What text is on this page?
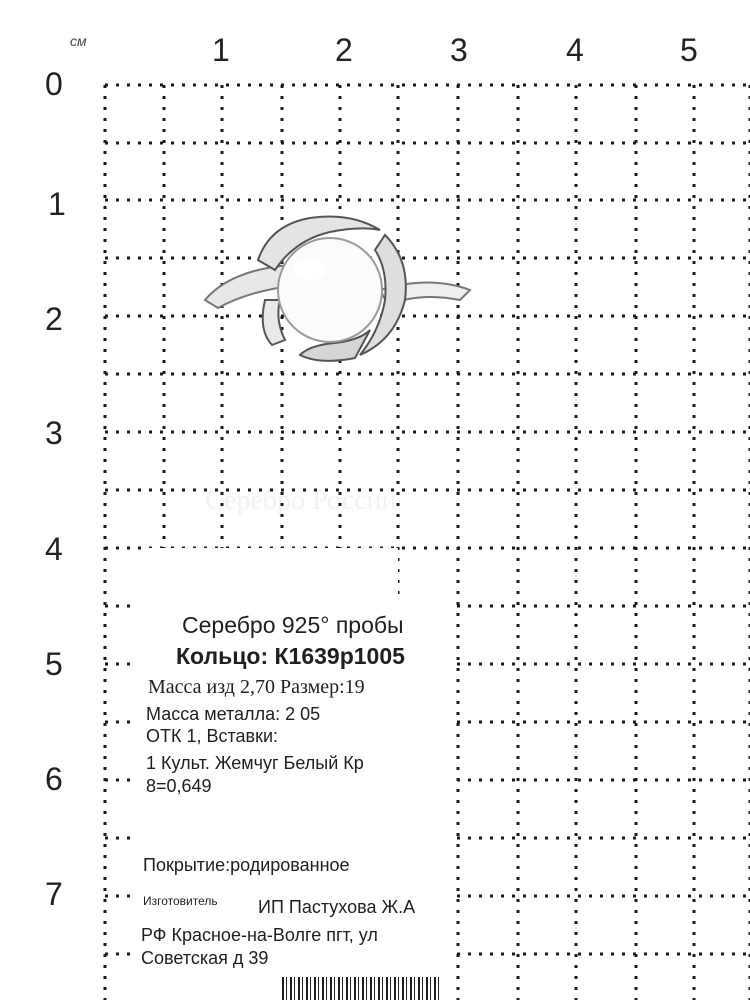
см	1	2	3	4	5
0
1
2
3
4
5
6
7
Серебро России
Серебро 925° пробы
Кольцо: К1639р1005
Масса изд 2,70 Размер:19
Масса металла: 2 05
ОТК 1, Вставки:
1 Культ. Жемчуг Белый Кр
8=0,649
Покрытие:родированное
Изготовитель ИП Пастухова Ж.А
РФ Красное-на-Волге пгт, ул
Советская д 39
